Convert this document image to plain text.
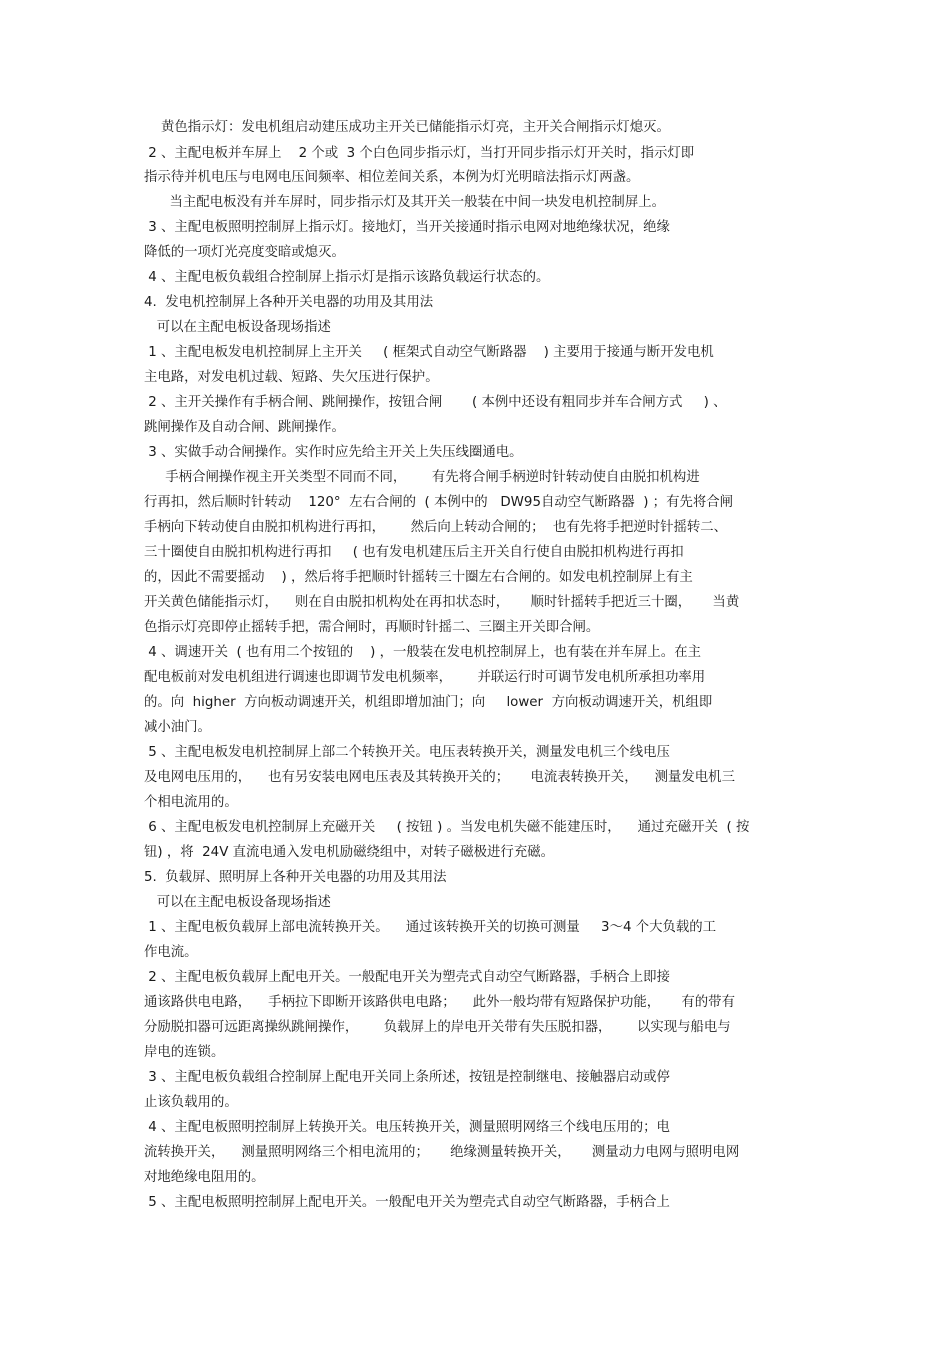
黄色指示灯：发电机组启动建压成功主开关已储能指示灯亮，主开关合闸指示灯熄灭。
2 、主配电板并车屏上    2 个或  3 个白色同步指示灯，当打开同步指示灯开关时，指示灯即
指示待并机电压与电网电压间频率、相位差间关系，本例为灯光明暗法指示灯两盏。
当主配电板没有并车屏时，同步指示灯及其开关一般装在中间一块发电机控制屏上。
3 、主配电板照明控制屏上指示灯。接地灯，当开关接通时指示电网对地绝缘状况，绝缘
降低的一项灯光亮度变暗或熄灭。
4 、主配电板负载组合控制屏上指示灯是指示该路负载运行状态的。
4.  发电机控制屏上各种开关电器的功用及其用法
可以在主配电板设备现场指述
1 、主配电板发电机控制屏上主开关     ( 框架式自动空气断路器    ) 主要用于接通与断开发电机
主电路，对发电机过载、短路、失欠压进行保护。
2 、主开关操作有手柄合闸、跳闸操作，按钮合闸       ( 本例中还设有粗同步并车合闸方式     ) 、
跳闸操作及自动合闸、跳闸操作。
3 、实做手动合闸操作。实作时应先给主开关上失压线圈通电。
手柄合闸操作视主开关类型不同而不同，      有先将合闸手柄逆时针转动使自由脱扣机构进
行再扣，然后顺时针转动    120°  左右合闸的  ( 本例中的   DW95自动空气断路器  ) ；有先将合闸
手柄向下转动使自由脱扣机构进行再扣，      然后向上转动合闸的；  也有先将手把逆时针摇转二、
三十圈使自由脱扣机构进行再扣     ( 也有发电机建压后主开关自行使自由脱扣机构进行再扣
的，因此不需要摇动    ) ，然后将手把顺时针摇转三十圈左右合闸的。如发电机控制屏上有主
开关黄色储能指示灯，    则在自由脱扣机构处在再扣状态时，     顺时针摇转手把近三十圈，     当黄
色指示灯亮即停止摇转手把，需合闸时，再顺时针摇二、三圈主开关即合闸。
4 、调速开关  ( 也有用二个按钮的    ) ，一般装在发电机控制屏上，也有装在并车屏上。在主
配电板前对发电机组进行调速也即调节发电机频率，      并联运行时可调节发电机所承担功率用
的。向  higher  方向板动调速开关，机组即增加油门；向     lower  方向板动调速开关，机组即
减小油门。
5 、主配电板发电机控制屏上部二个转换开关。电压表转换开关，测量发电机三个线电压
及电网电压用的，    也有另安装电网电压表及其转换开关的；     电流表转换开关，    测量发电机三
个相电流用的。
6 、主配电板发电机控制屏上充磁开关     ( 按钮 ) 。当发电机失磁不能建压时，    通过充磁开关  ( 按
钮) ，将  24V 直流电通入发电机励磁绕组中，对转子磁极进行充磁。
5.  负载屏、照明屏上各种开关电器的功用及其用法
可以在主配电板设备现场指述
1 、主配电板负载屏上部电流转换开关。    通过该转换开关的切换可测量     3～4 个大负载的工
作电流。
2 、主配电板负载屏上配电开关。一般配电开关为塑壳式自动空气断路器，手柄合上即接
通该路供电电路，    手柄拉下即断开该路供电电路；    此外一般均带有短路保护功能，     有的带有
分励脱扣器可远距离操纵跳闸操作，      负载屏上的岸电开关带有失压脱扣器，      以实现与船电与
岸电的连锁。
3 、主配电板负载组合控制屏上配电开关同上条所述，按钮是控制继电、接触器启动或停
止该负载用的。
4 、主配电板照明控制屏上转换开关。电压转换开关，测量照明网络三个线电压用的；电
流转换开关，    测量照明网络三个相电流用的；     绝缘测量转换开关，     测量动力电网与照明电网
对地绝缘电阻用的。
5 、主配电板照明控制屏上配电开关。一般配电开关为塑壳式自动空气断路器，手柄合上
